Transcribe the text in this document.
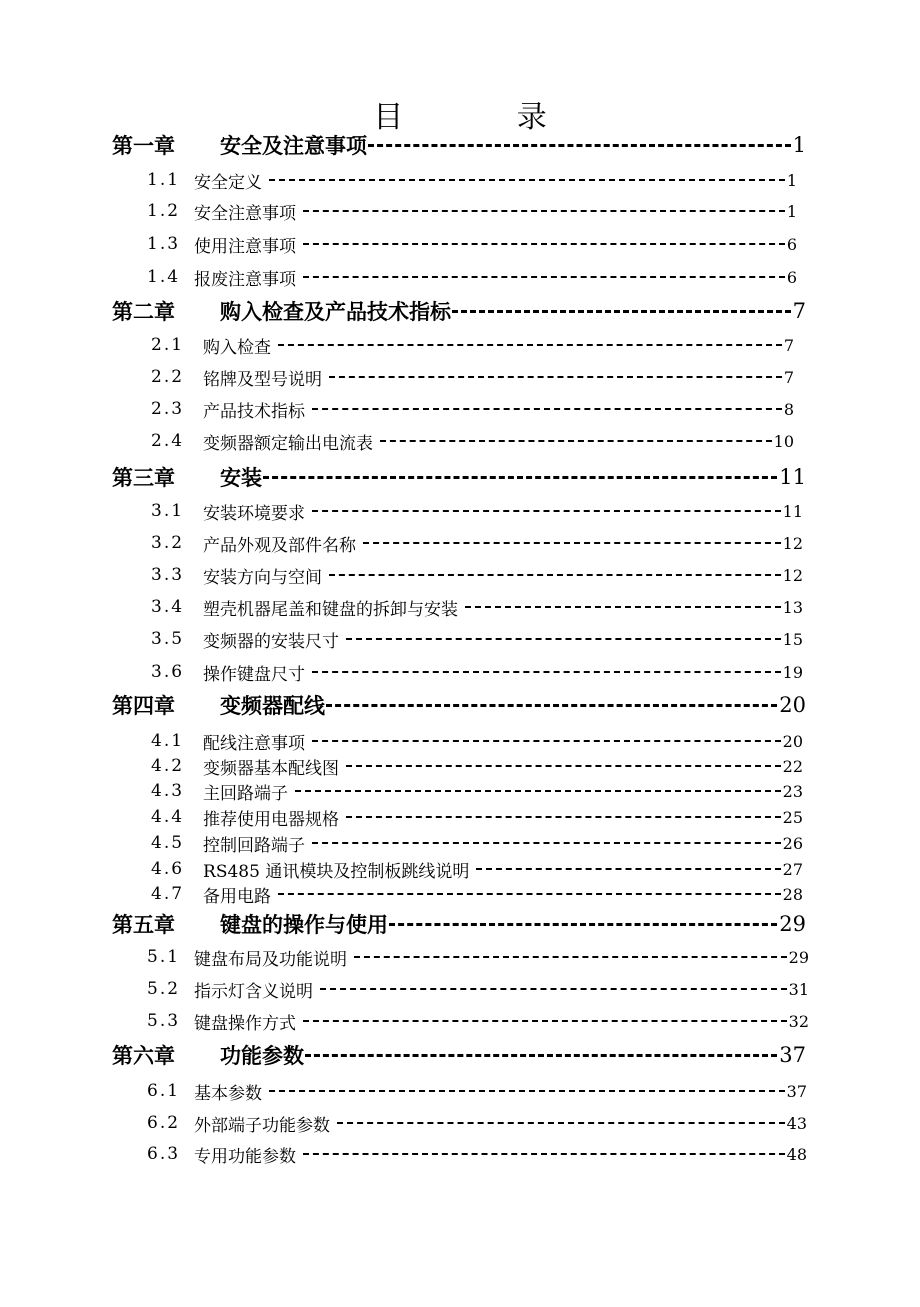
目 录
第一章	安全及注意事项	1
1.1 安全定义	1
1.2 安全注意事项	1
1.3 使用注意事项	6
1.4 报废注意事项	6
第二章	购入检查及产品技术指标	7
2.1 购入检查	7
2.2 铭牌及型号说明	7
2.3 产品技术指标	8
2.4 变频器额定输出电流表	10
第三章	安装	11
3.1 安装环境要求	11
3.2 产品外观及部件名称	12
3.3 安装方向与空间	12
3.4 塑壳机器尾盖和键盘的拆卸与安装	13
3.5 变频器的安装尺寸	15
3.6 操作键盘尺寸	19
第四章	变频器配线	20
4.1 配线注意事项	20
4.2 变频器基本配线图	22
4.3 主回路端子	23
4.4 推荐使用电器规格	25
4.5 控制回路端子	26
4.6 RS485 通讯模块及控制板跳线说明	27
4.7 备用电路	28
第五章	键盘的操作与使用	29
5.1 键盘布局及功能说明	29
5.2 指示灯含义说明	31
5.3 键盘操作方式	32
第六章	功能参数	37
6.1 基本参数	37
6.2 外部端子功能参数	43
6.3 专用功能参数	48
